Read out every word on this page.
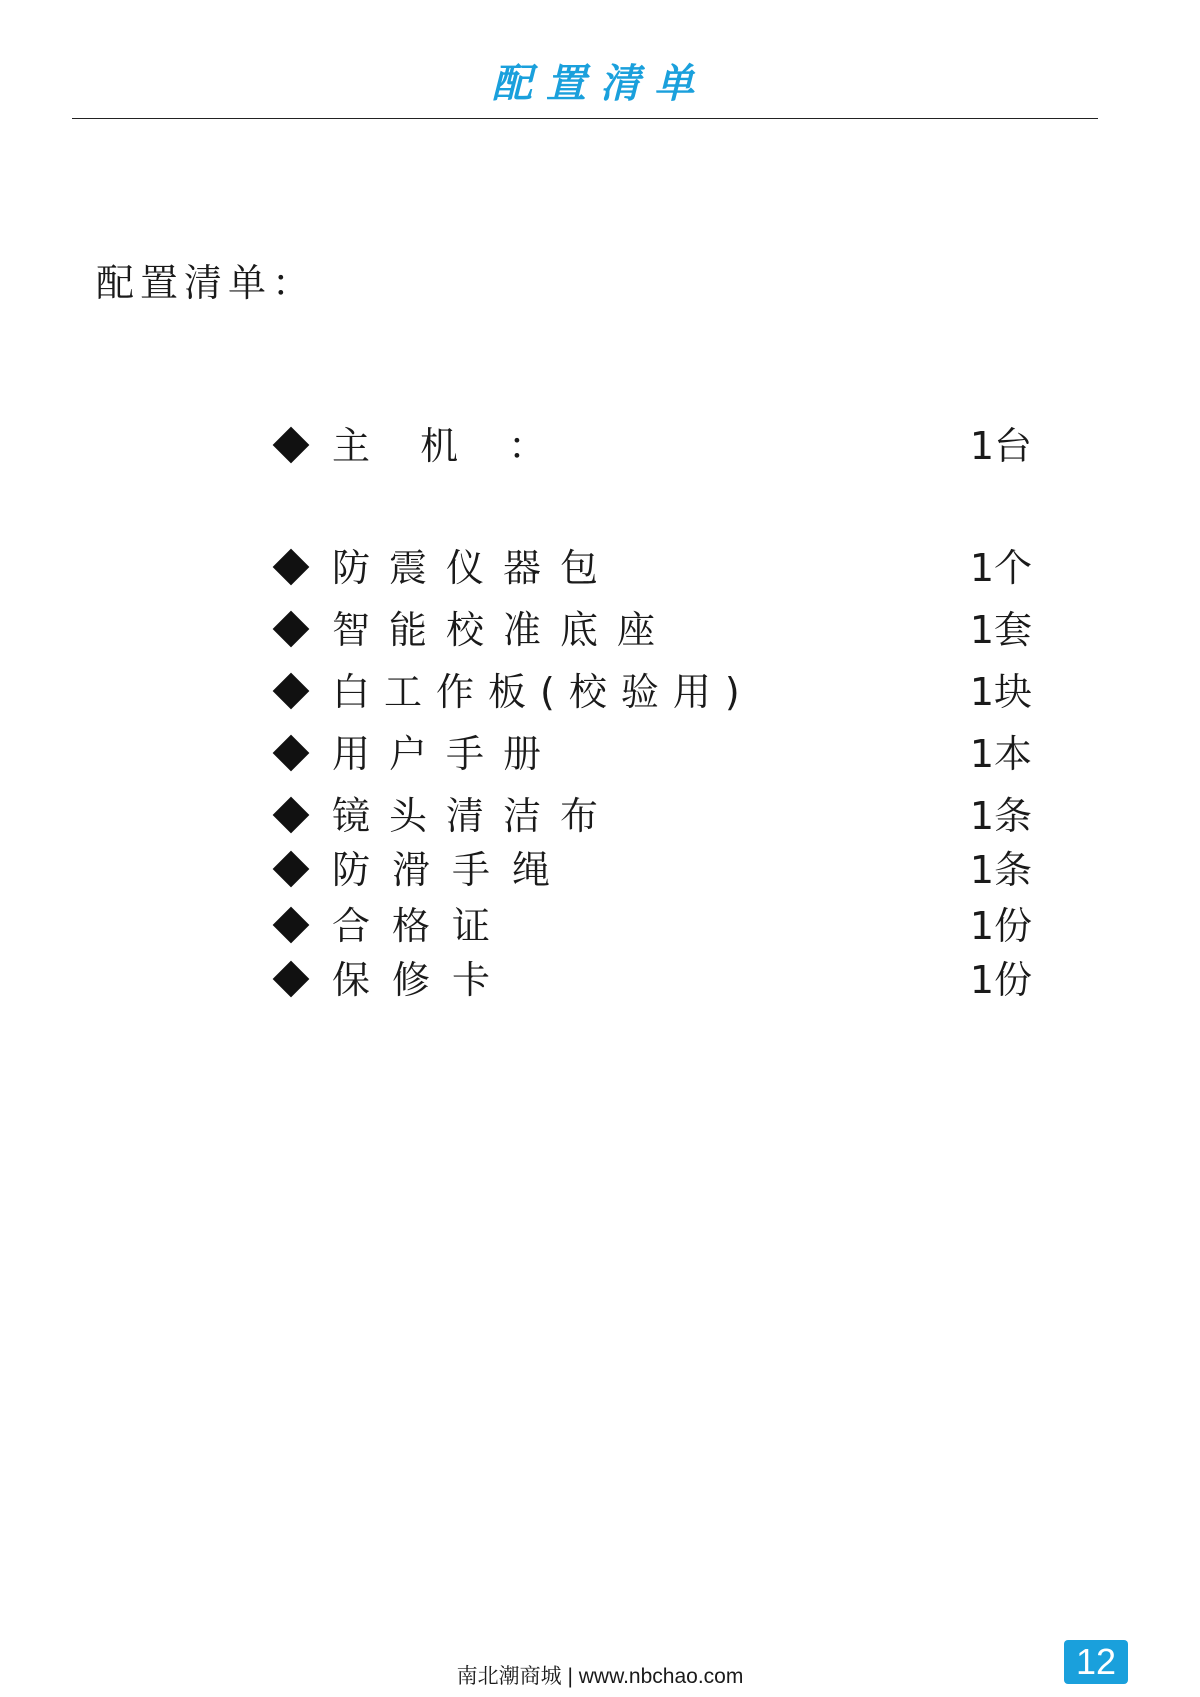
配置清单
配置清单：
主 机 ：	1台
防震仪器包	1个
智能校准底座	1套
白工作板(校验用)	1块
用户手册	1本
镜头清洁布	1条
防滑手绳	1条
合格证	1份
保修卡	1份
南北潮商城 | www.nbchao.com	12
